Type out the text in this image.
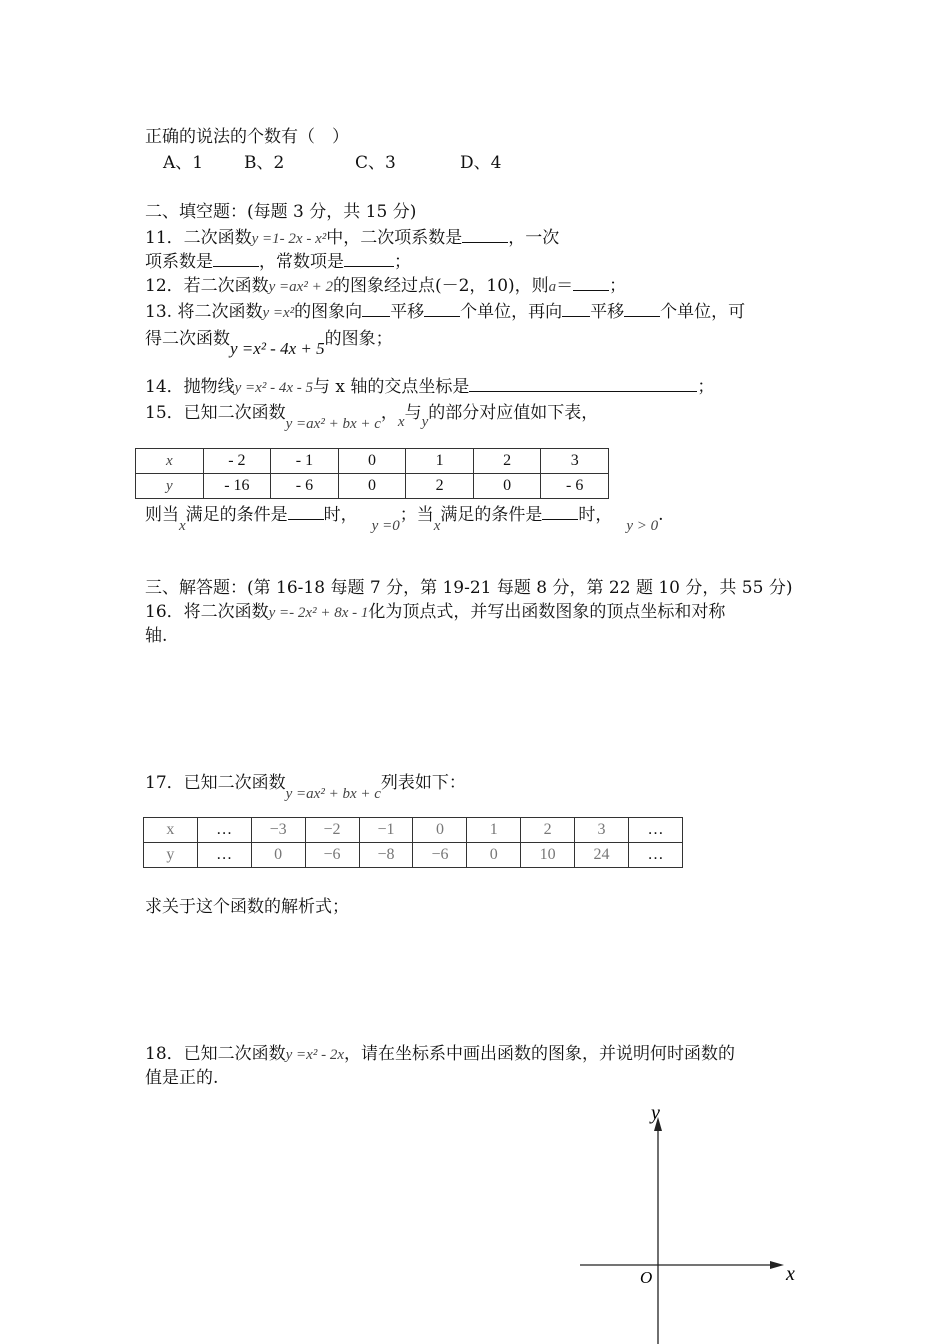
正确的说法的个数有（　）
A、1 B、2	C、3	D、4
二、填空题：(每题 3 分，共 15 分)
11．二次函数y =1- 2x - x²中，二次项系数是	，一次
项系数是	，常数项是	；
12．若二次函数y =ax² + 2的图象经过点(－2，10)，则a＝ ；
13. 将二次函数y =x²的图象向 平移 个单位，再向 平移 个单位，可
得二次函数y =x² - 4x + 5的图象；
14．抛物线y =x² - 4x - 5与 x 轴的交点坐标是	；
15．已知二次函数y =ax² + bx + c，x与y的部分对应值如下表，
x	- 2	- 1	0	1	2	3
y	- 16	- 6	0	2	0	- 6
则当x满足的条件是 时，y =0；当x满足的条件是 时，y > 0.
三、解答题：(第 16-18 每题 7 分，第 19-21 每题 8 分，第 22 题 10 分，共 55 分)
16．将二次函数y =- 2x² + 8x - 1化为顶点式，并写出函数图象的顶点坐标和对称
轴.
17．已知二次函数y =ax² + bx + c列表如下：
x	…	−3	−2	−1	0	1	2	3	…
y	…	0	−6	−8	−6	0	10	24	…
求关于这个函数的解析式；
18．已知二次函数y =x² - 2x，请在坐标系中画出函数的图象，并说明何时函数的
值是正的.
y
x
O
